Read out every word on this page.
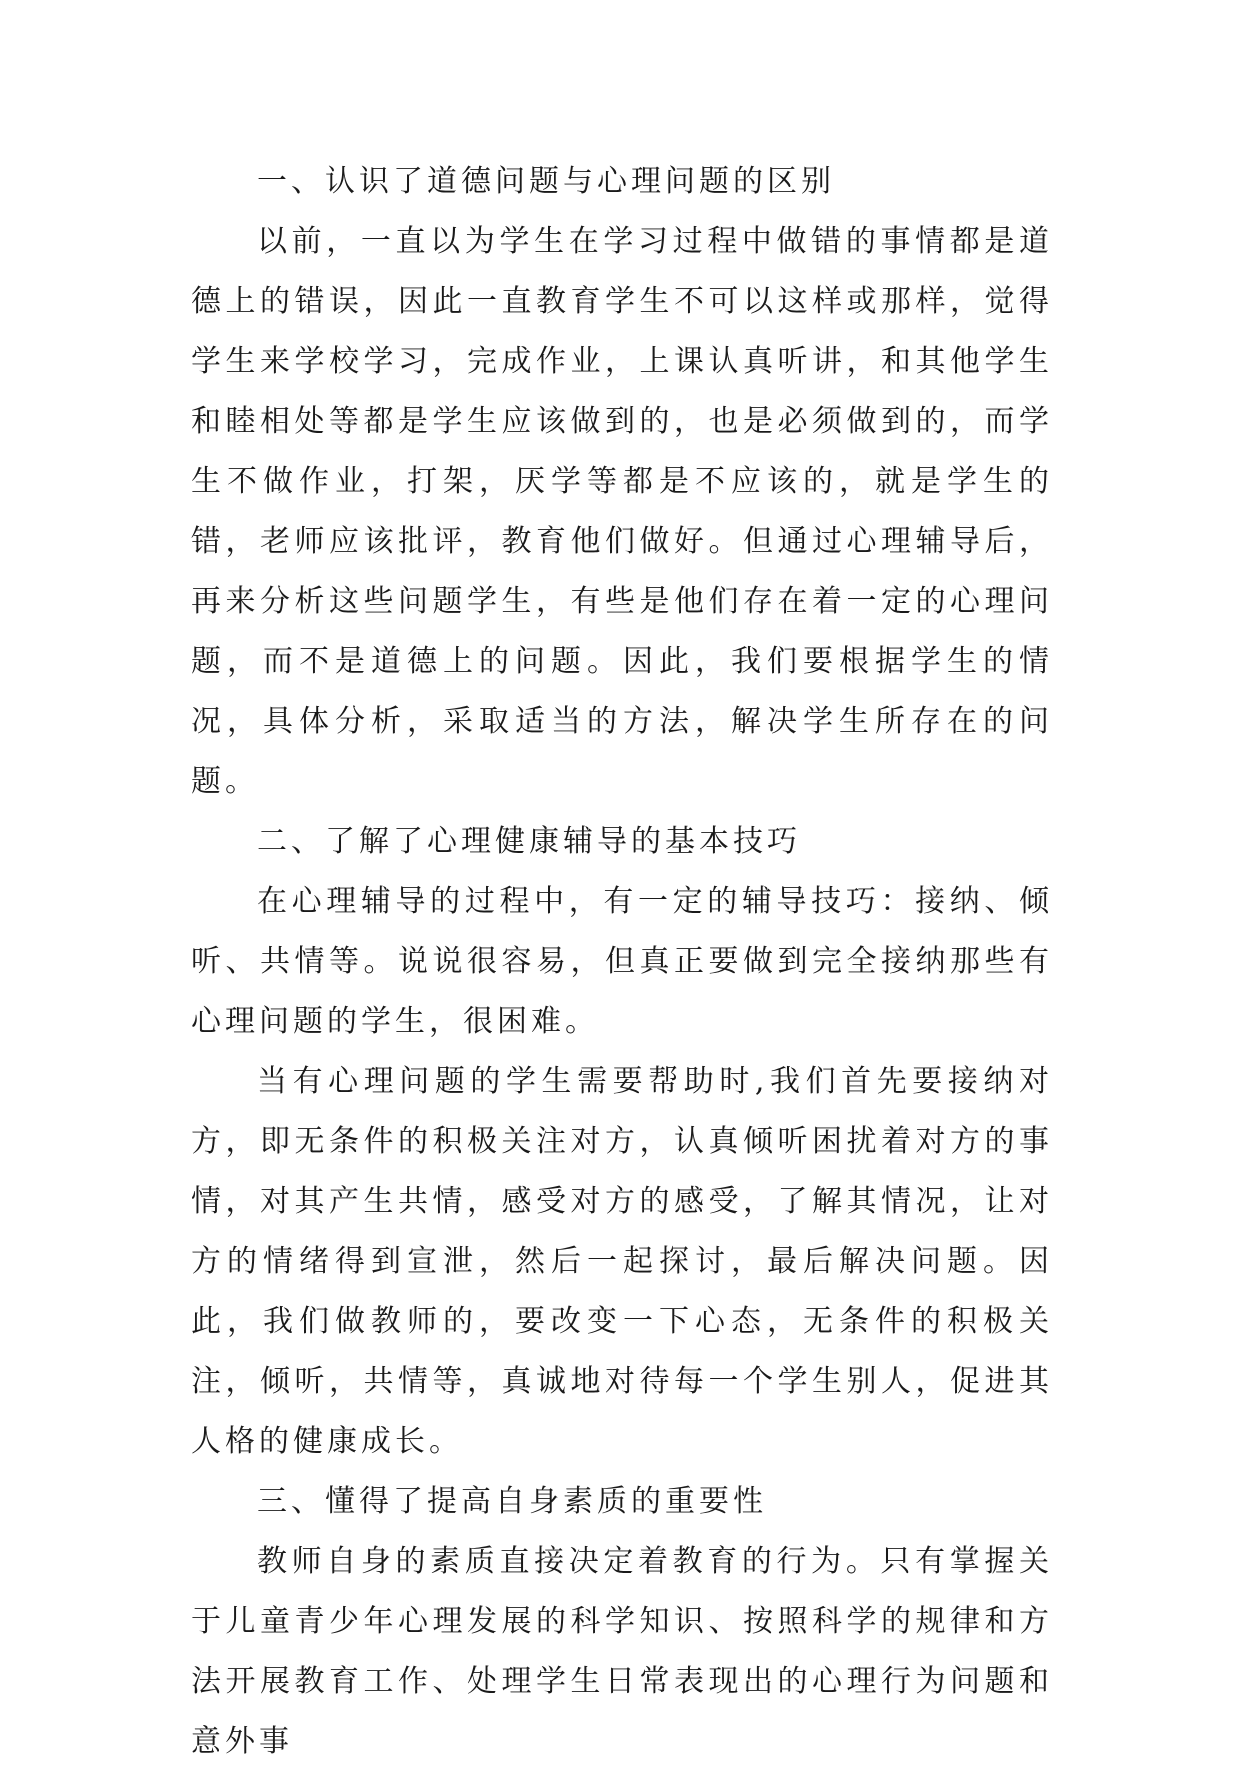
一、认识了道德问题与心理问题的区别

以前，一直以为学生在学习过程中做错的事情都是道德上的错误，因此一直教育学生不可以这样或那样，觉得学生来学校学习，完成作业，上课认真听讲，和其他学生和睦相处等都是学生应该做到的，也是必须做到的，而学生不做作业，打架，厌学等都是不应该的，就是学生的错，老师应该批评，教育他们做好。但通过心理辅导后，再来分析这些问题学生，有些是他们存在着一定的心理问题，而不是道德上的问题。因此，我们要根据学生的情况，具体分析，采取适当的方法，解决学生所存在的问题。

二、了解了心理健康辅导的基本技巧

在心理辅导的过程中，有一定的辅导技巧：接纳、倾听、共情等。说说很容易，但真正要做到完全接纳那些有心理问题的学生，很困难。

当有心理问题的学生需要帮助时,我们首先要接纳对方，即无条件的积极关注对方，认真倾听困扰着对方的事情，对其产生共情，感受对方的感受，了解其情况，让对方的情绪得到宣泄，然后一起探讨，最后解决问题。因此，我们做教师的，要改变一下心态，无条件的积极关注，倾听，共情等，真诚地对待每一个学生别人，促进其人格的健康成长。

三、懂得了提高自身素质的重要性

教师自身的素质直接决定着教育的行为。只有掌握关于儿童青少年心理发展的科学知识、按照科学的规律和方法开展教育工作、处理学生日常表现出的心理行为问题和意外事
